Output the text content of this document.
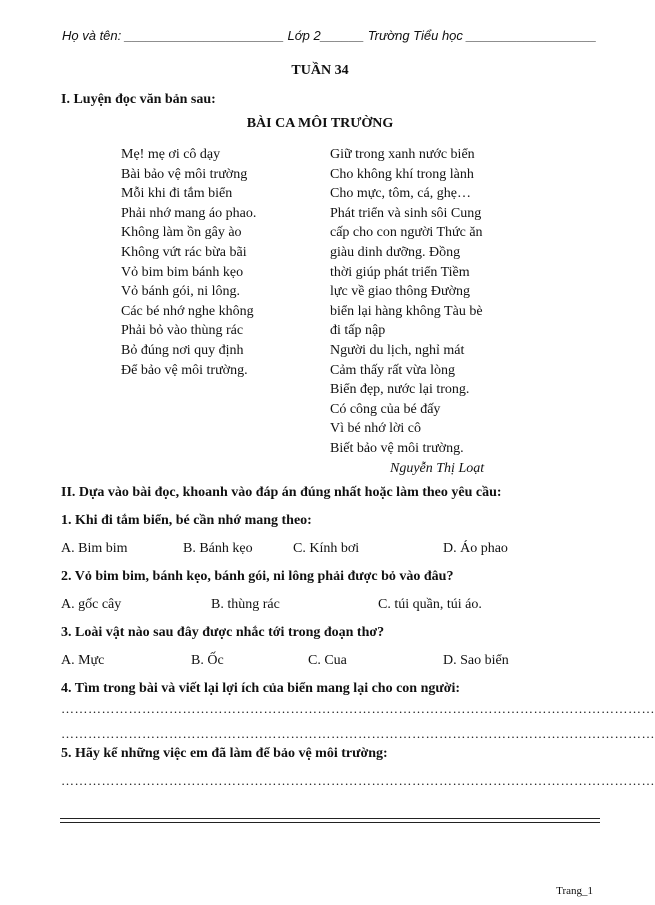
Họ và tên: ______________________ Lớp 2______ Trường Tiểu học __________________
TUẦN 34
I. Luyện đọc văn bản sau:
BÀI CA MÔI TRƯỜNG
Mẹ! mẹ ơi cô dạy
Bài bảo vệ môi trường
Mỗi khi đi tắm biển
Phải nhớ mang áo phao.
Không làm ồn gây ào
Không vứt rác bừa bãi
Vỏ bim bim bánh kẹo
Vỏ bánh gói, ni lông.
Các bé nhớ nghe không
Phải bỏ vào thùng rác
Bỏ đúng nơi quy định
Để bảo vệ môi trường.
Giữ trong xanh nước biển
Cho không khí trong lành
Cho mực, tôm, cá, ghẹ…
Phát triển và sinh sôi Cung
cấp cho con người Thức ăn
giàu dinh dưỡng. Đồng
thời giúp phát triển Tiềm
lực về giao thông Đường
biển lại hàng không Tàu bè
đi tấp nập
Người du lịch, nghỉ mát
Cảm thấy rất vừa lòng
Biển đẹp, nước lại trong.
Có công của bé đấy
Vì bé nhớ lời cô
Biết bảo vệ môi trường.
Nguyễn Thị Loạt
II. Dựa vào bài đọc, khoanh vào đáp án đúng nhất hoặc làm theo yêu cầu:
1. Khi đi tắm biển, bé cần nhớ mang theo:
A. Bim bim	B. Bánh kẹo	C. Kính bơi	D. Áo phao
2. Vỏ bim bim, bánh kẹo, bánh gói, ni lông phải được bỏ vào đâu?
A. gốc cây	B. thùng rác	C. túi quần, túi áo.
3. Loài vật nào sau đây được nhắc tới trong đoạn thơ?
A. Mực	B. Ốc	C. Cua	D. Sao biển
4. Tìm trong bài và viết lại lợi ích của biển mang lại cho con người:
……………………………………………………………………………………………………………………
……………………………………………………………………………………………………………………
5. Hãy kể những việc em đã làm để bảo vệ môi trường:
……………………………………………………………………………………………………………………
Trang_1
